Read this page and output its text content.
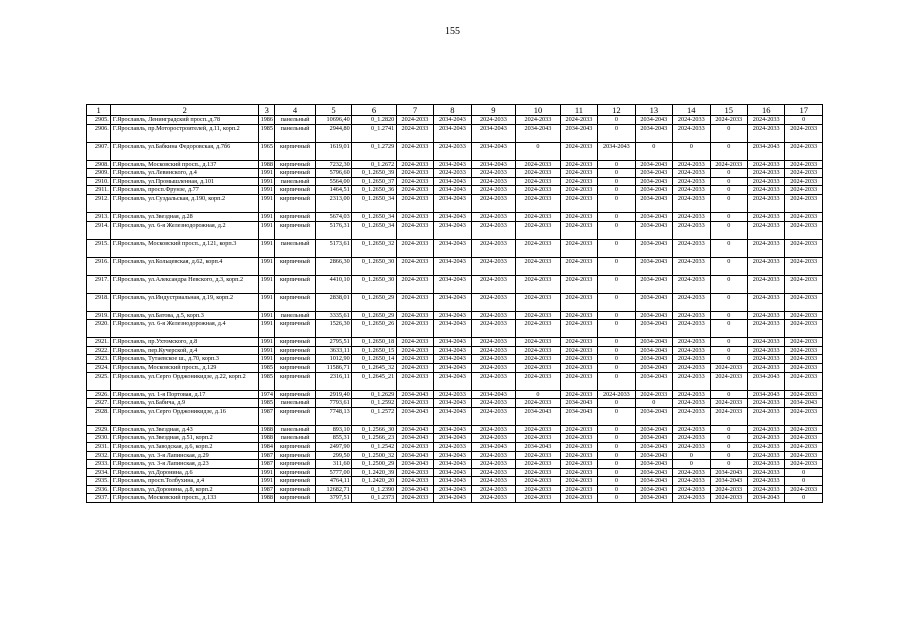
155
1	2	3	4	5	6	7	8	9	10	11	12	13	14	15	16	17
2905.	Г.Ярославль, Ленинградский просп.,д.78	1986	панельный	10696,40	0_1.2820	2024-2033	2034-2043	2024-2033	2024-2033	2024-2033	0	2034-2043	2024-2033	2024-2033	2024-2033	0
2906.	Г.Ярославль, пр.Моторостроителей, д.11, корп.2	1985	панельный	2944,80	0_1.2741	2024-2033	2034-2043	2034-2043	2034-2043	2034-2043	0	2034-2043	2024-2033	0	2024-2033	2024-2033
2907.	Г.Ярославль, ул.Бабкина Федоровская, д.7б6	1965	кирпичный	1619,01	0_1.2729	2024-2033	2024-2033	2034-2043	0	2024-2033	2034-2043	0	0	0	2034-2043	2024-2033
2908.	Г.Ярославль, Московский просп., д.137	1988	кирпичный	7232,30	0_1.2672	2024-2033	2034-2043	2034-2043	2024-2033	2024-2033	0	2034-2043	2024-2033	2024-2033	2024-2033	2024-2033
2909.	Г.Ярославль, ул.Левинского, д.4	1991	кирпичный	5796,60	0_1.2650_39	2024-2033	2024-2033	2024-2033	2024-2033	2024-2033	0	2034-2043	2024-2033	0	2024-2033	2024-2033
2910.	Г.Ярославль, ул.Промышленная, д.101	1991	панельный	5564,00	0_1.2650_37	2024-2033	2034-2043	2024-2033	2024-2033	2024-2033	0	2034-2043	2024-2033	0	2024-2033	2024-2033
2911.	Г.Ярославль, просп.Фрунзе, д.77	1991	кирпичный	1464,51	0_1.2650_36	2024-2033	2034-2043	2024-2033	2024-2033	2024-2033	0	2034-2043	2024-2033	0	2024-2033	2024-2033
2912.	Г.Ярославль, ул.Суздальская, д.190, корп.2	1991	кирпичный	2313,00	0_1.2650_34	2024-2033	2034-2043	2024-2033	2024-2033	2024-2033	0	2034-2043	2024-2033	0	2024-2033	2024-2033
2913.	Г.Ярославль, ул.Звездная, д.28	1991	кирпичный	5674,03	0_1.2650_34	2024-2033	2034-2043	2024-2033	2024-2033	2024-2033	0	2034-2043	2024-2033	0	2024-2033	2024-2033
2914.	Г.Ярославль, ул. 6-я Железнодорожная, д.2	1991	кирпичный	5176,31	0_1.2650_34	2024-2033	2034-2043	2024-2033	2024-2033	2024-2033	0	2034-2043	2024-2033	0	2024-2033	2024-2033
2915.	Г.Ярославль, Московский просп., д.121, корп.3	1991	панельный	5173,61	0_1.2650_32	2024-2033	2034-2043	2024-2033	2024-2033	2024-2033	0	2034-2043	2024-2033	0	2024-2033	2024-2033
2916.	Г.Ярославль, ул.Кольцевская, д.62, корп.4	1991	кирпичный	2866,30	0_1.2650_30	2024-2033	2034-2043	2024-2033	2024-2033	2024-2033	0	2034-2043	2024-2033	0	2024-2033	2024-2033
2917.	Г.Ярославль, ул.Александра Невского, д.3, корп.2	1991	кирпичный	4410,10	0_1.2650_30	2024-2033	2034-2043	2024-2033	2024-2033	2024-2033	0	2034-2043	2024-2033	0	2024-2033	2024-2033
2918.	Г.Ярославль, ул.Индустриальная, д.19, корп.2	1991	кирпичный	2838,01	0_1.2650_29	2024-2033	2034-2043	2024-2033	2024-2033	2024-2033	0	2034-2043	2024-2033	0	2024-2033	2024-2033
2919.	Г.Ярославль, ул.Батова, д.5, корп.3	1991	панельный	3335,61	0_1.2650_29	2024-2033	2034-2043	2024-2033	2024-2033	2024-2033	0	2034-2043	2024-2033	0	2024-2033	2024-2033
2920.	Г.Ярославль, ул. 6-я Железнодорожная, д.4	1991	кирпичный	1526,30	0_1.2650_26	2024-2033	2034-2043	2024-2033	2024-2033	2024-2033	0	2034-2043	2024-2033	0	2024-2033	2024-2033
2921.	Г.Ярославль, пр.Ухтомского, д.8	1991	кирпичный	2795,51	0_1.2650_18	2024-2033	2034-2043	2024-2033	2024-2033	2024-2033	0	2034-2043	2024-2033	0	2024-2033	2024-2033
2922.	Г.Ярославль, пер.Кучерской, д.4	1991	кирпичный	3633,11	0_1.2650_15	2024-2033	2034-2043	2024-2033	2024-2033	2024-2033	0	2034-2043	2024-2033	0	2024-2033	2024-2033
2923.	Г.Ярославль, Тутаевское ш., д.70, корп.3	1991	кирпичный	1012,90	0_1.2650_14	2024-2033	2034-2043	2024-2033	2024-2033	2024-2033	0	2034-2043	2024-2033	0	2024-2033	2024-2033
2924.	Г.Ярославль, Московский просп., д.129	1985	кирпичный	11586,71	0_1.2645_32	2024-2033	2034-2043	2024-2033	2024-2033	2024-2033	0	2034-2043	2024-2033	2024-2033	2024-2033	2024-2033
2925.	Г.Ярославль, ул.Серго Орджоникидзе, д.22, корп.2	1985	кирпичный	2316,11	0_1.2645_21	2024-2033	2034-2043	2024-2033	2024-2033	2024-2033	0	2034-2043	2024-2033	2024-2033	2034-2043	2024-2033
2926.	Г.Ярославль, ул. 1-я Портовая, д.17	1974	кирпичный	2919,40	0_1.2629	2034-2043	2024-2033	2034-2043	0	2024-2033	2024-2033	2024-2033	2024-2033	0	2034-2043	2024-2033
2927.	Г.Ярославль, ул.Бабича, д.9	1985	панельный	7793,61	0_1.2592	2024-2033	2034-2043	2024-2033	2024-2033	2034-2043	0	0	2024-2033	2024-2033	2024-2033	2034-2043
2928.	Г.Ярославль, ул.Серго Орджоникидзе, д.16	1987	кирпичный	7748,13	0_1.2572	2034-2043	2034-2043	2024-2033	2034-2043	2034-2043	0	2034-2043	2024-2033	2024-2033	2024-2033	2024-2033
2929.	Г.Ярославль, ул.Звездная, д.43	1988	панельный	893,10	0_1.2566_30	2034-2043	2034-2043	2024-2033	2024-2033	2024-2033	0	2034-2043	2024-2033	0	2024-2033	2024-2033
2930.	Г.Ярославль, ул.Звездная, д.51, корп.2	1988	панельный	855,31	0_1.2566_23	2034-2043	2034-2043	2024-2033	2024-2033	2024-2033	0	2034-2043	2024-2033	0	2024-2033	2024-2033
2931.	Г.Ярославль, ул.Заводская, д.6, корп.2	1984	кирпичный	2497,90	0_1.2542	2024-2033	2024-2033	2034-2043	2034-2043	2024-2033	0	2034-2043	2024-2033	0	2024-2033	2024-2033
2932.	Г.Ярославль, ул. 3-я Лапинская, д.29	1987	кирпичный	299,50	0_1.2500_32	2034-2043	2034-2043	2024-2033	2024-2033	2024-2033	0	2034-2043	0	0	2024-2033	2024-2033
2933.	Г.Ярославль, ул. 3-я Лапинская, д.23	1987	кирпичный	311,60	0_1.2500_29	2034-2043	2034-2043	2024-2033	2024-2033	2024-2033	0	2034-2043	0	0	2024-2033	2024-2033
2934.	Г.Ярославль, ул.Доронина, д.6	1991	кирпичный	5777,00	0_1.2420_39	2024-2033	2034-2043	2024-2033	2024-2033	2024-2033	0	2034-2043	2024-2033	2034-2043	2024-2033	0
2935.	Г.Ярославль, просп.Толбухина, д.4	1991	кирпичный	4764,11	0_1.2420_20	2024-2033	2034-2043	2024-2033	2024-2033	2024-2033	0	2034-2043	2024-2033	2034-2043	2024-2033	0
2936.	Г.Ярославль, ул.Доронина, д.8, корп.2	1987	кирпичный	12682,71	0_1.2390	2034-2043	2034-2043	2024-2033	2024-2033	2024-2033	0	2034-2043	2024-2033	2024-2033	2024-2033	2024-2033
2937.	Г.Ярославль, Московский просп., д.133	1988	кирпичный	3797,51	0_1.2373	2024-2033	2034-2043	2024-2033	2024-2033	2024-2033	0	2034-2043	2024-2033	2024-2033	2034-2043	0
